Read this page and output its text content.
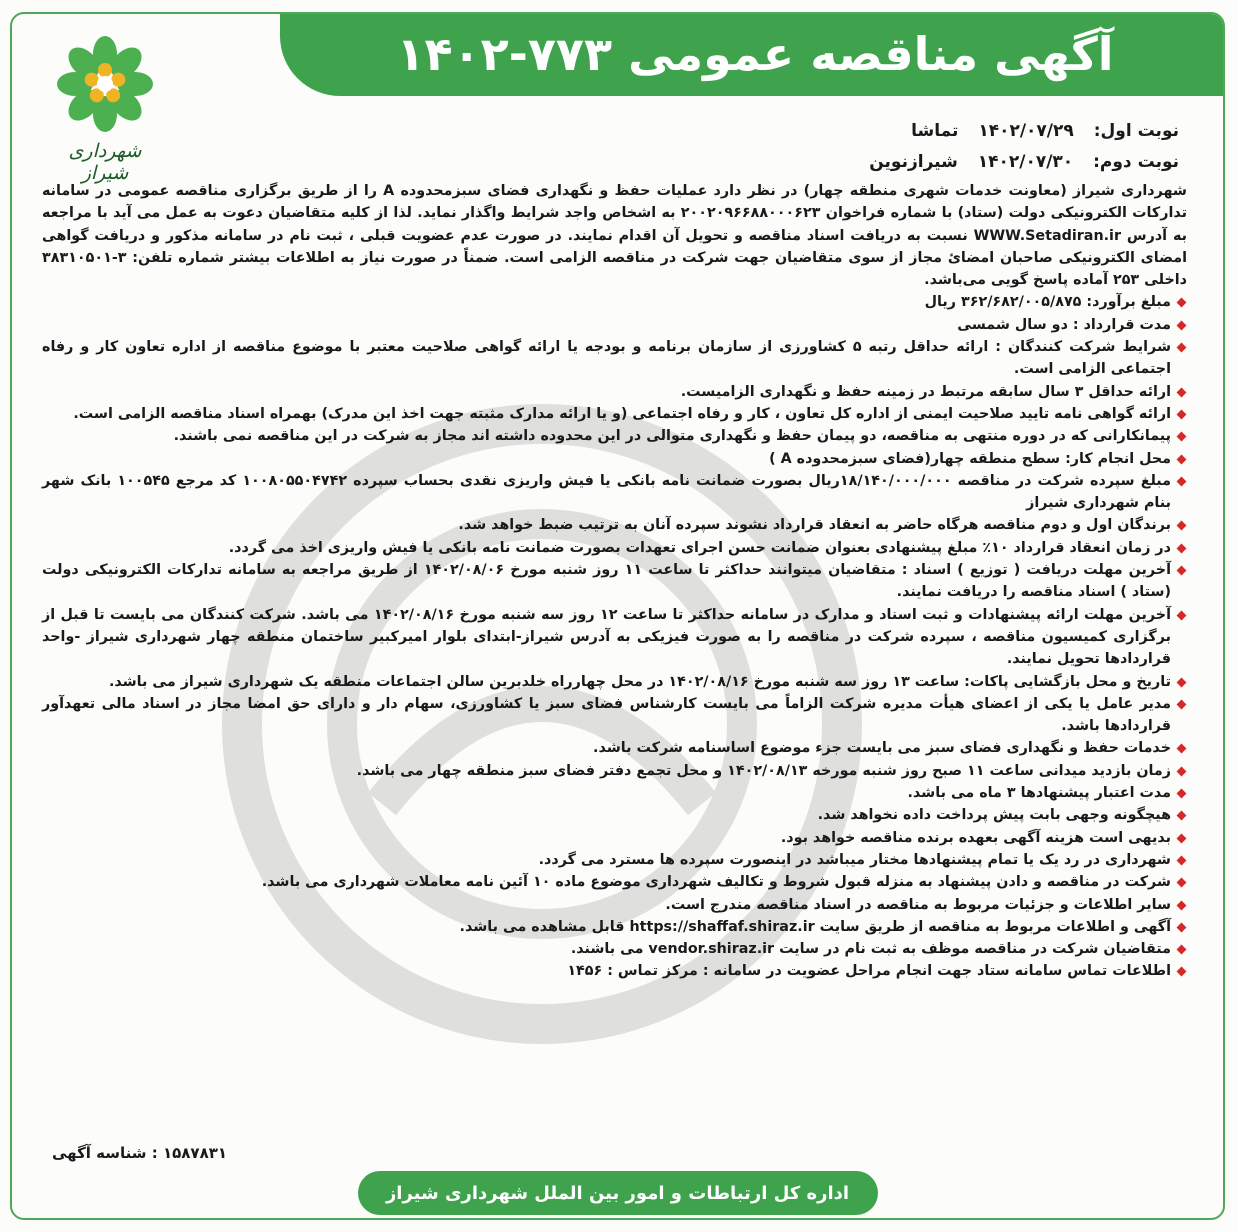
آگهی مناقصه عمومی ۷۷۳-۱۴۰۲
شهرداری شیراز
نوبت اول: ۱۴۰۲/۰۷/۲۹ تماشا
نوبت دوم: ۱۴۰۲/۰۷/۳۰ شیرازنوین

شهرداری شیراز (معاونت خدمات شهری منطقه چهار) در نظر دارد عملیات حفظ و نگهداری فضای سبزمحدوده A را از طریق برگزاری مناقصه عمومی در سامانه تدارکات الکترونیکی دولت (ستاد) با شماره فراخوان ۲۰۰۲۰۹۶۶۸۸۰۰۰۶۲۳ به اشخاص واجد شرایط واگذار نماید. لذا از کلیه متقاضیان دعوت به عمل می آید با مراجعه به آدرس WWW.Setadiran.ir نسبت به دریافت اسناد مناقصه و تحویل آن اقدام نمایند. در صورت عدم عضویت قبلی ، ثبت نام در سامانه مذکور و دریافت گواهی امضای الکترونیکی صاحبان امضائ مجاز از سوی متقاضیان جهت شرکت در مناقصه الزامی است. ضمناً در صورت نیاز به اطلاعات بیشتر شماره تلفن: ۳-۳۸۳۱۰۵۰۱ داخلی ۲۵۳ آماده پاسخ گویی می‌باشد.

مبلغ برآورد: ۳۶۲/۶۸۲/۰۰۵/۸۷۵ ریال
مدت قرارداد : دو سال شمسی
شرایط شرکت کنندگان : ارائه حداقل رتبه ۵ کشاورزی از سازمان برنامه و بودجه یا ارائه گواهی صلاحیت معتبر با موضوع مناقصه از اداره تعاون کار و رفاه اجتماعی الزامی است.
ارائه حداقل ۳ سال سابقه مرتبط در زمینه حفظ و نگهداری الزامیست.
ارائه گواهی نامه تایید صلاحیت ایمنی از اداره کل تعاون ، کار و رفاه اجتماعی (و یا ارائه مدارک مثبته جهت اخذ این مدرک) بهمراه اسناد مناقصه الزامی است.
پیمانکارانی که در دوره منتهی به مناقصه، دو پیمان حفظ و نگهداری متوالی در این محدوده داشته اند مجاز به شرکت در این مناقصه نمی باشند.
محل انجام کار: سطح منطقه چهار(فضای سبزمحدوده A )
مبلغ سپرده شرکت در مناقصه ۱۸/۱۴۰/۰۰۰/۰۰۰ریال بصورت ضمانت نامه بانکی یا فیش واریزی نقدی بحساب سپرده ۱۰۰۸۰۵۵۰۴۷۴۲ کد مرجع ۱۰۰۵۴۵ بانک شهر بنام شهرداری شیراز
برندگان اول و دوم مناقصه هرگاه حاضر به انعقاد قرارداد نشوند سپرده آنان به ترتیب ضبط خواهد شد.
در زمان انعقاد قرارداد ۱۰٪ مبلغ پیشنهادی بعنوان ضمانت حسن اجرای تعهدات بصورت ضمانت نامه بانکی یا فیش واریزی اخذ می گردد.
آخرین مهلت دریافت ( توزیع ) اسناد : متقاضیان میتوانند حداکثر تا ساعت ۱۱ روز شنبه مورخ ۱۴۰۲/۰۸/۰۶ از طریق مراجعه به سامانه تدارکات الکترونیکی دولت (ستاد ) اسناد مناقصه را دریافت نمایند.
آخرین مهلت ارائه پیشنهادات و ثبت اسناد و مدارک در سامانه حداکثر تا ساعت ۱۲ روز سه شنبه مورخ ۱۴۰۲/۰۸/۱۶ می باشد. شرکت کنندگان می بایست تا قبل از برگزاری کمیسیون مناقصه ، سپرده شرکت در مناقصه را به صورت فیزیکی به آدرس شیراز-ابتدای بلوار امیرکبیر ساختمان منطقه چهار شهرداری شیراز -واحد قراردادها تحویل نمایند.
تاریخ و محل بازگشایی پاکات: ساعت ۱۳ روز سه شنبه مورخ ۱۴۰۲/۰۸/۱۶ در محل چهارراه خلدبرین سالن اجتماعات منطقه یک شهرداری شیراز می باشد.
مدیر عامل یا یکی از اعضای هیأت مدیره شرکت الزاماً می بایست کارشناس فضای سبز یا کشاورزی، سهام دار و دارای حق امضا مجاز در اسناد مالی تعهدآور قراردادها باشد.
خدمات حفظ و نگهداری فضای سبز می بایست جزء موضوع اساسنامه شرکت باشد.
زمان بازدید میدانی ساعت ۱۱ صبح روز شنبه مورخه ۱۴۰۲/۰۸/۱۳ و محل تجمع دفتر فضای سبز منطقه چهار می باشد.
مدت اعتبار پیشنهادها ۳ ماه می باشد.
هیچگونه وجهی بابت پیش پرداخت داده نخواهد شد.
بدیهی است هزینه آگهی بعهده برنده مناقصه خواهد بود.
شهرداری در رد یک یا تمام پیشنهادها مختار میباشد در اینصورت سپرده ها مسترد می گردد.
شرکت در مناقصه و دادن پیشنهاد به منزله قبول شروط و تکالیف شهرداری موضوع ماده ۱۰ آئین نامه معاملات شهرداری می باشد.
سایر اطلاعات و جزئیات مربوط به مناقصه در اسناد مناقصه مندرج است.
آگهی و اطلاعات مربوط به مناقصه از طریق سایت https://shaffaf.shiraz.ir قابل مشاهده می باشد.
متقاضیان شرکت در مناقصه موظف به ثبت نام در سایت vendor.shiraz.ir می باشند.
اطلاعات تماس سامانه ستاد جهت انجام مراحل عضویت در سامانه : مرکز تماس : ۱۴۵۶
۱۵۸۷۸۳۱ : شناسه آگهی
اداره کل ارتباطات و امور بین الملل شهرداری شیراز
